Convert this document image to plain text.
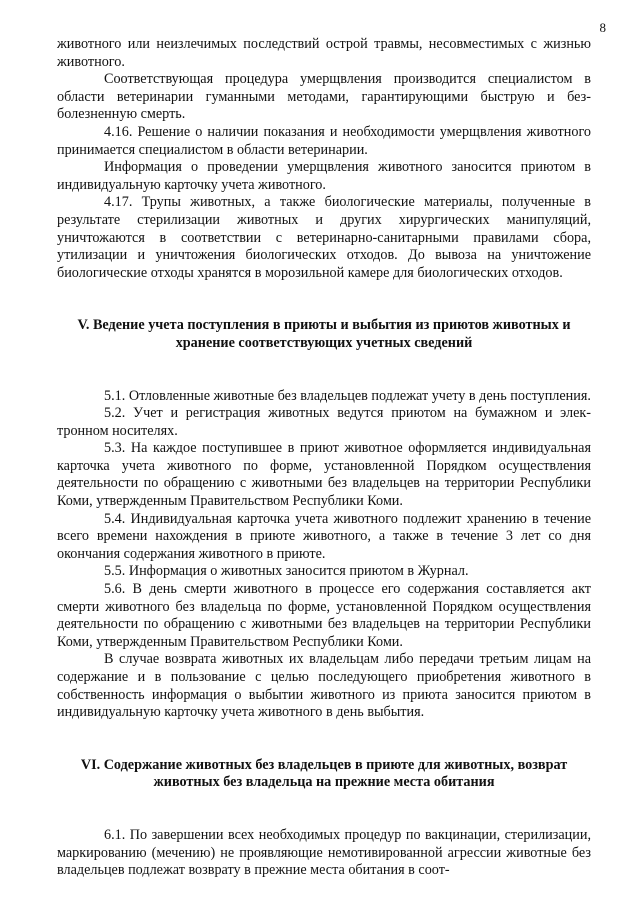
8

животного или неизлечимых последствий острой травмы, несовместимых с жизнью животного.

Соответствующая процедура умерщвления производится специалистом в области ветеринарии гуманными методами, гарантирующими быструю и безболезненную смерть.

4.16. Решение о наличии показания и необходимости умерщвления животного принимается специалистом в области ветеринарии.

Информация о проведении умерщвления животного заносится приютом в индивидуальную карточку учета животного.

4.17. Трупы животных, а также биологические материалы, полученные в результате стерилизации животных и других хирургических манипуляций, уничтожаются в соответствии с ветеринарно-санитарными правилами сбора, утилизации и уничтожения биологических отходов. До вывоза на уничтожение биологические отходы хранятся в морозильной камере для биологических отходов.

V. Ведение учета поступления в приюты и выбытия из приютов животных и хранение соответствующих учетных сведений

5.1. Отловленные животные без владельцев подлежат учету в день поступления.

5.2. Учет и регистрация животных ведутся приютом на бумажном и электронном носителях.

5.3. На каждое поступившее в приют животное оформляется индивидуальная карточка учета животного по форме, установленной Порядком осуществления деятельности по обращению с животными без владельцев на территории Республики Коми, утвержденным Правительством Республики Коми.

5.4. Индивидуальная карточка учета животного подлежит хранению в течение всего времени нахождения в приюте животного, а также в течение 3 лет со дня окончания содержания животного в приюте.

5.5. Информация о животных заносится приютом в Журнал.

5.6. В день смерти животного в процессе его содержания составляется акт смерти животного без владельца по форме, установленной Порядком осуществления деятельности по обращению с животными без владельцев на территории Республики Коми, утвержденным Правительством Республики Коми.

В случае возврата животных их владельцам либо передачи третьим лицам на содержание и в пользование с целью последующего приобретения животного в собственность информация о выбытии животного из приюта заносится приютом в индивидуальную карточку учета животного в день выбытия.

VI. Содержание животных без владельцев в приюте для животных, возврат животных без владельца на прежние места обитания

6.1. По завершении всех необходимых процедур по вакцинации, стерилизации, маркированию (мечению) не проявляющие немотивированной агрессии животные без владельцев подлежат возврату в прежние места обитания в соот-
